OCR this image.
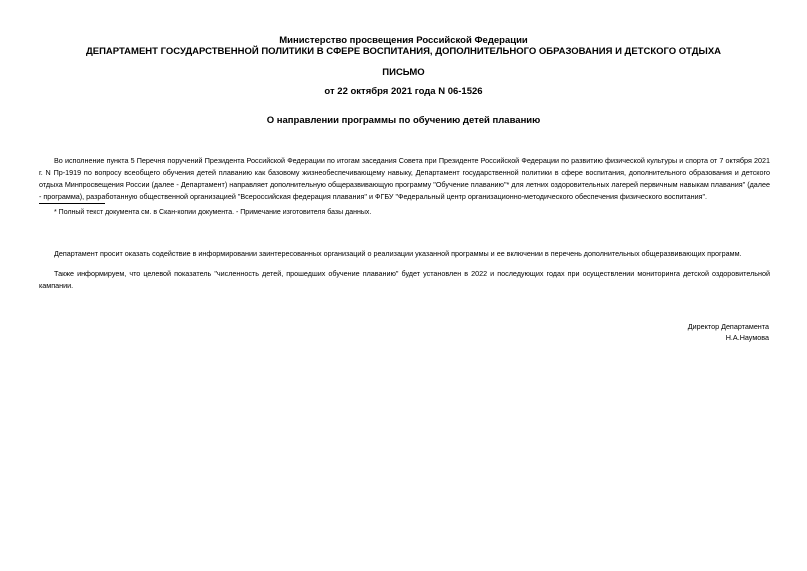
Министерство просвещения Российской Федерации
ДЕПАРТАМЕНТ ГОСУДАРСТВЕННОЙ ПОЛИТИКИ В СФЕРЕ ВОСПИТАНИЯ, ДОПОЛНИТЕЛЬНОГО ОБРАЗОВАНИЯ И ДЕТСКОГО ОТДЫХА
ПИСЬМО
от 22 октября 2021 года N 06-1526
О направлении программы по обучению детей плаванию

Во исполнение пункта 5 Перечня поручений Президента Российской Федерации по итогам заседания Совета при Президенте Российской Федерации по развитию физической культуры и спорта от 7 октября 2021 г. N Пр-1919 по вопросу всеобщего обучения детей плаванию как базовому жизнеобеспечивающему навыку, Департамент государственной политики в сфере воспитания, дополнительного образования и детского отдыха Минпросвещения России (далее - Департамент) направляет дополнительную общеразвивающую программу "Обучение плаванию"* для летних оздоровительных лагерей первичным навыкам плавания" (далее - программа), разработанную общественной организацией "Всероссийская федерация плавания" и ФГБУ "Федеральный центр организационно-методического обеспечения физического воспитания".

* Полный текст документа см. в Скан-копии документа. - Примечание изготовителя базы данных.

Департамент просит оказать содействие в информировании заинтересованных организаций о реализации указанной программы и ее включении в перечень дополнительных общеразвивающих программ.

Также информируем, что целевой показатель "численность детей, прошедших обучение плаванию" будет установлен в 2022 и последующих годах при осуществлении мониторинга детской оздоровительной кампании.

Директор Департамента
Н.А.Наумова
